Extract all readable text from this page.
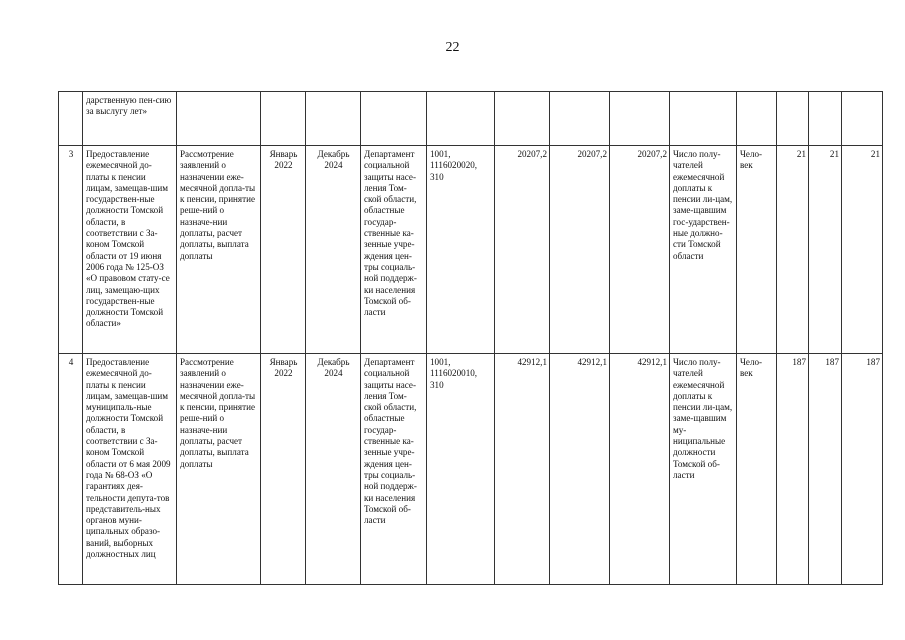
22
	дарственную пен-сию за выслугу лет»													
3	Предоставление ежемесячной до-платы к пенсии лицам, замещав-шим государствен-ные должности Томской области, в соответствии с За-коном Томской области от 19 июня 2006 года № 125-ОЗ «О правовом стату-се лиц, замещаю-щих государствен-ные должности Томской области»	Рассмотрение заявлений о назначении еже-месячной допла-ты к пенсии, принятие реше-ний о назначе-нии доплаты, расчет доплаты, выплата доплаты	Январь 2022	Декабрь 2024	Департамент социальной защиты насе-ления Том-ской области, областные государ-ственные ка-зенные учре-ждения цен-тры социаль-ной поддерж-ки населения Томской об-ласти	1001, 1116020020, 310	20207,2	20207,2	20207,2	Число полу-чателей ежемесячной доплаты к пенсии ли-цам, заме-щавшим гос-ударствен-ные должно-сти Томской области	Чело-век	21	21	21
4	Предоставление ежемесячной до-платы к пенсии лицам, замещав-шим муниципаль-ные должности Томской области, в соответствии с За-коном Томской области от 6 мая 2009 года № 68-ОЗ «О гарантиях дея-тельности депута-тов представитель-ных органов муни-ципальных образо-ваний, выборных должностных лиц	Рассмотрение заявлений о назначении еже-месячной допла-ты к пенсии, принятие реше-ний о назначе-нии доплаты, расчет доплаты, выплата доплаты	Январь 2022	Декабрь 2024	Департамент социальной защиты насе-ления Том-ской области, областные государ-ственные ка-зенные учре-ждения цен-тры социаль-ной поддерж-ки населения Томской об-ласти	1001, 1116020010, 310	42912,1	42912,1	42912,1	Число полу-чателей ежемесячной доплаты к пенсии ли-цам, заме-щавшим му-ниципальные должности Томской об-ласти	Чело-век	187	187	187
